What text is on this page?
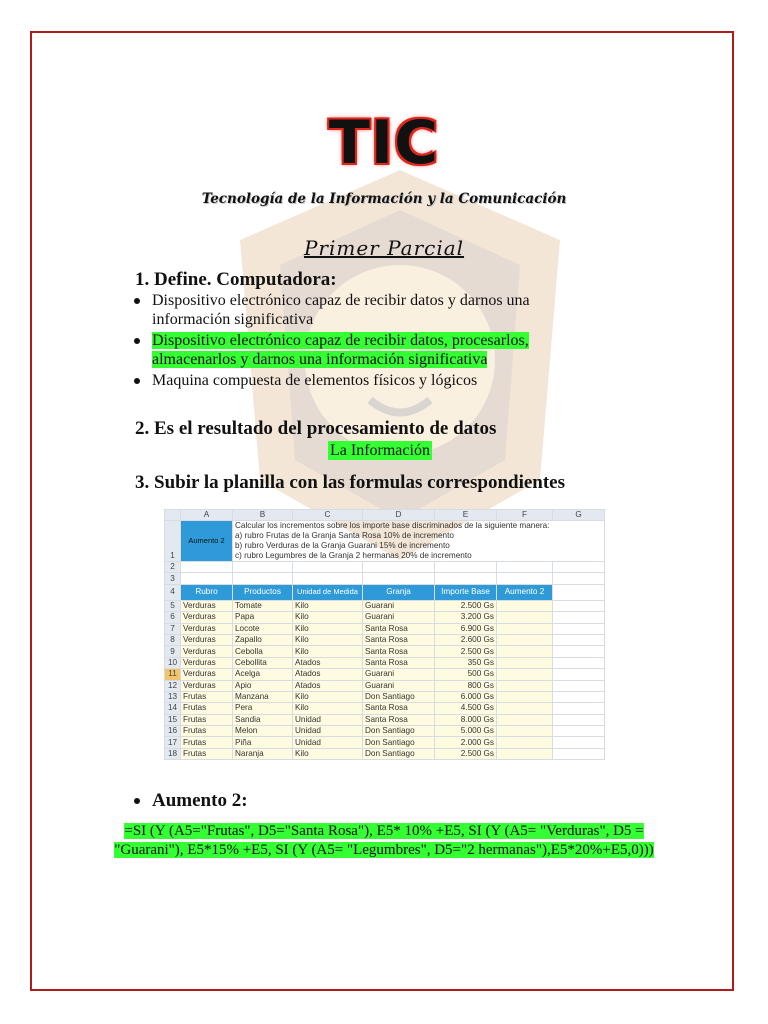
TIC
Tecnología de la Información y la Comunicación
Primer Parcial
1. Define. Computadora:
Dispositivo electrónico capaz de recibir datos y darnos una información significativa
Dispositivo electrónico capaz de recibir datos, procesarlos, almacenarlos y darnos una información significativa
Maquina compuesta de elementos físicos y lógicos
2. Es el resultado del procesamiento de datos
La Información
3. Subir la planilla con las formulas correspondientes
	A	B	C	D	E	F	G
1	Aumento 2	Calcular los incrementos sobre los importe base discriminados de la siguiente manera:
a) rubro Frutas de la Granja Santa Rosa 10% de incremento
b) rubro Verduras de la Granja Guarani 15% de incremento
c) rubro Legumbres de la Granja 2 hermanas 20% de incremento					

2							
3							
4	Rubro	Productos	Unidad de Medida	Granja	Importe Base	Aumento 2	
5	Verduras	Tomate	Kilo	Guarani	2.500 Gs		
6	Verduras	Papa	Kilo	Guarani	3.200 Gs		
7	Verduras	Locote	Kilo	Santa Rosa	6.900 Gs		
8	Verduras	Zapallo	Kilo	Santa Rosa	2.600 Gs		
9	Verduras	Cebolla	Kilo	Santa Rosa	2.500 Gs		
10	Verduras	Cebollita	Atados	Santa Rosa	350 Gs		
11	Verduras	Acelga	Atados	Guarani	500 Gs		
12	Verduras	Apio	Atados	Guarani	800 Gs		
13	Frutas	Manzana	Kilo	Don Santiago	6.000 Gs		
14	Frutas	Pera	Kilo	Santa Rosa	4.500 Gs		
15	Frutas	Sandia	Unidad	Santa Rosa	8.000 Gs		
16	Frutas	Melon	Unidad	Don Santiago	5.000 Gs		
17	Frutas	Piña	Unidad	Don Santiago	2.000 Gs		
18	Frutas	Naranja	Kilo	Don Santiago	2.500 Gs		
Aumento 2:
=SI (Y (A5="Frutas", D5="Santa Rosa"), E5* 10% +E5, SI (Y (A5= "Verduras", D5 = "Guarani"), E5*15% +E5, SI (Y (A5= "Legumbres", D5="2 hermanas"),E5*20%+E5,0)))
